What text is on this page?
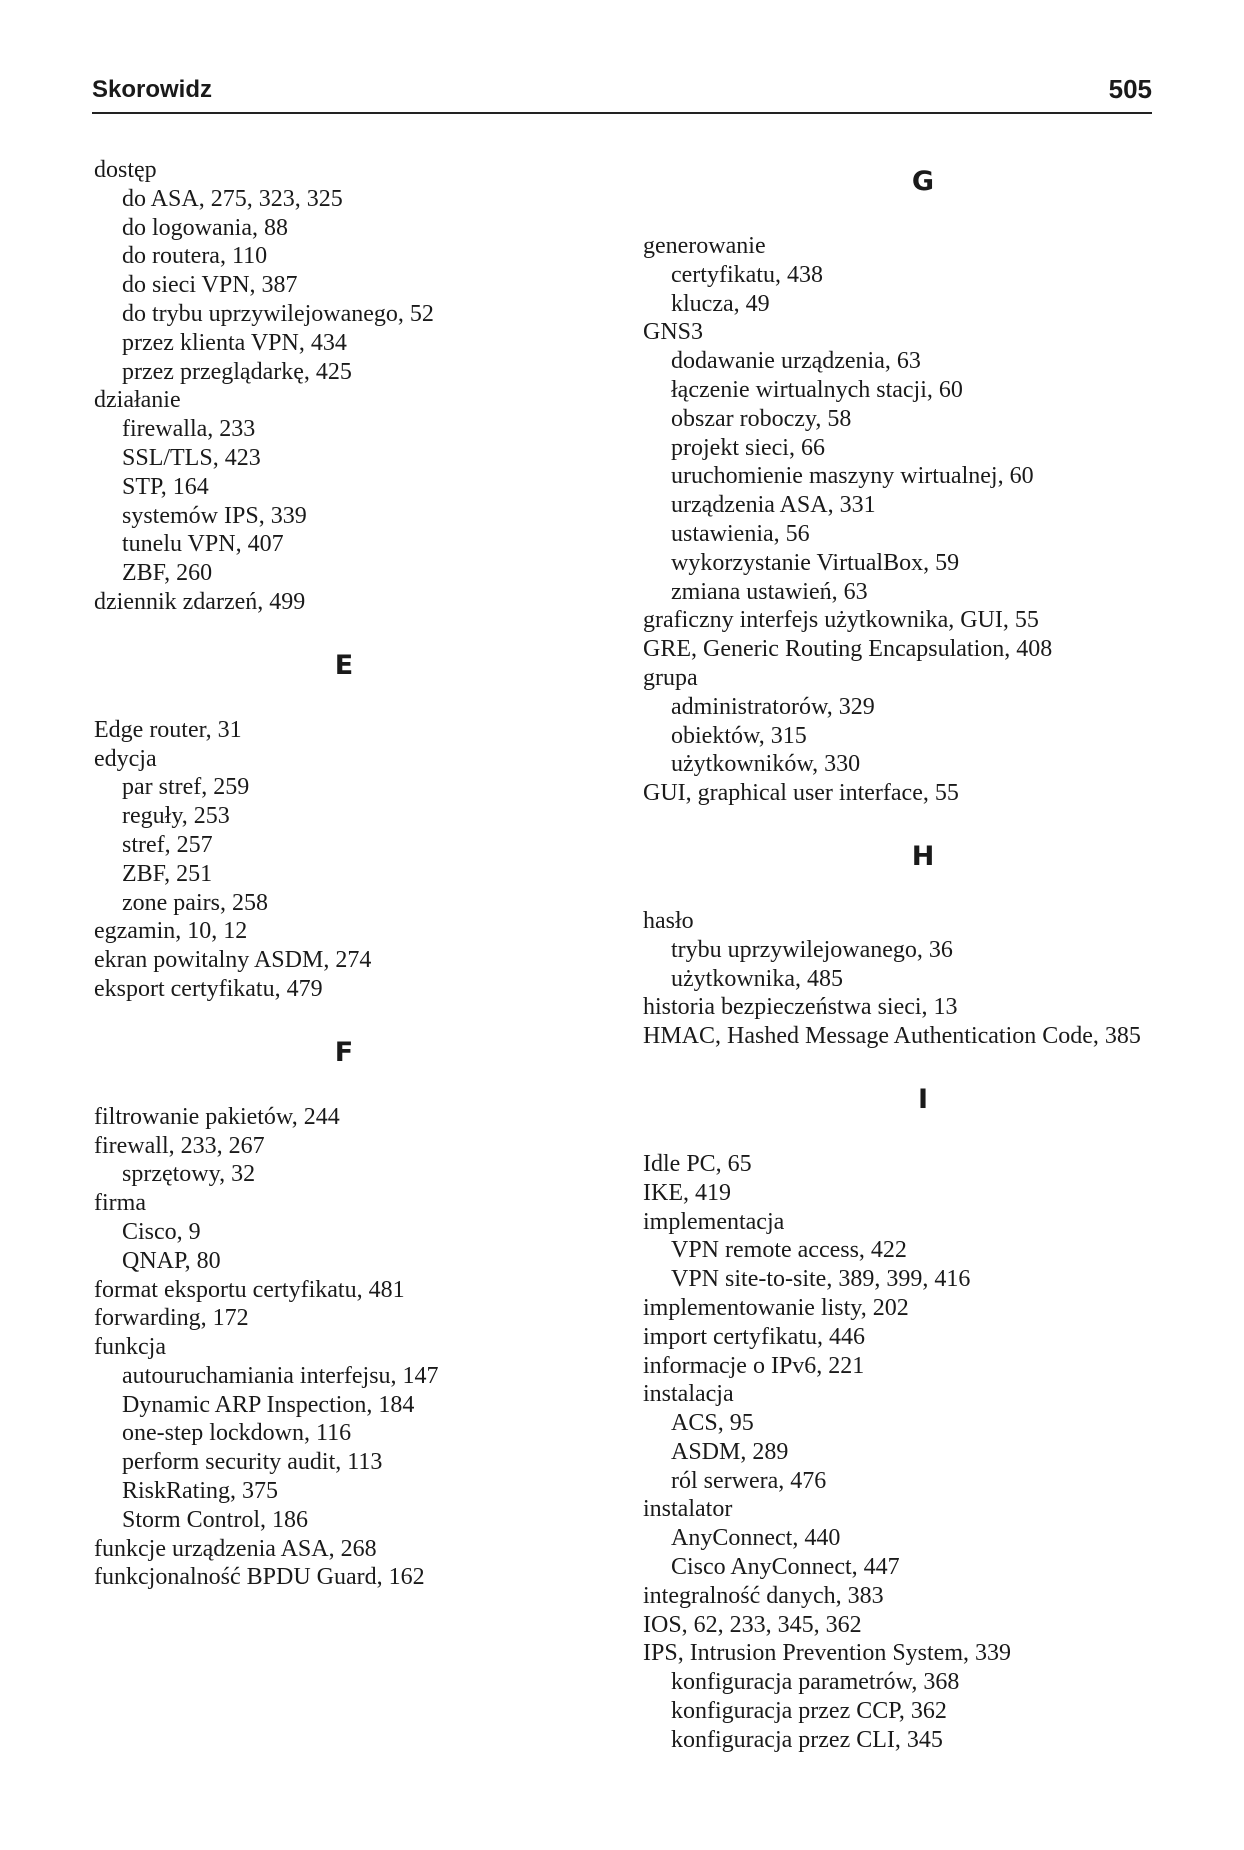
Skorowidz	505
dostęp
do ASA, 275, 323, 325
do logowania, 88
do routera, 110
do sieci VPN, 387
do trybu uprzywilejowanego, 52
przez klienta VPN, 434
przez przeglądarkę, 425
działanie
firewalla, 233
SSL/TLS, 423
STP, 164
systemów IPS, 339
tunelu VPN, 407
ZBF, 260
dziennik zdarzeń, 499
E
Edge router, 31
edycja
par stref, 259
reguły, 253
stref, 257
ZBF, 251
zone pairs, 258
egzamin, 10, 12
ekran powitalny ASDM, 274
eksport certyfikatu, 479
F
filtrowanie pakietów, 244
firewall, 233, 267
sprzętowy, 32
firma
Cisco, 9
QNAP, 80
format eksportu certyfikatu, 481
forwarding, 172
funkcja
autouruchamiania interfejsu, 147
Dynamic ARP Inspection, 184
one-step lockdown, 116
perform security audit, 113
RiskRating, 375
Storm Control, 186
funkcje urządzenia ASA, 268
funkcjonalność BPDU Guard, 162
G
generowanie
certyfikatu, 438
klucza, 49
GNS3
dodawanie urządzenia, 63
łączenie wirtualnych stacji, 60
obszar roboczy, 58
projekt sieci, 66
uruchomienie maszyny wirtualnej, 60
urządzenia ASA, 331
ustawienia, 56
wykorzystanie VirtualBox, 59
zmiana ustawień, 63
graficzny interfejs użytkownika, GUI, 55
GRE, Generic Routing Encapsulation, 408
grupa
administratorów, 329
obiektów, 315
użytkowników, 330
GUI, graphical user interface, 55
H
hasło
trybu uprzywilejowanego, 36
użytkownika, 485
historia bezpieczeństwa sieci, 13
HMAC, Hashed Message Authentication Code, 385
I
Idle PC, 65
IKE, 419
implementacja
VPN remote access, 422
VPN site-to-site, 389, 399, 416
implementowanie listy, 202
import certyfikatu, 446
informacje o IPv6, 221
instalacja
ACS, 95
ASDM, 289
ról serwera, 476
instalator
AnyConnect, 440
Cisco AnyConnect, 447
integralność danych, 383
IOS, 62, 233, 345, 362
IPS, Intrusion Prevention System, 339
konfiguracja parametrów, 368
konfiguracja przez CCP, 362
konfiguracja przez CLI, 345
